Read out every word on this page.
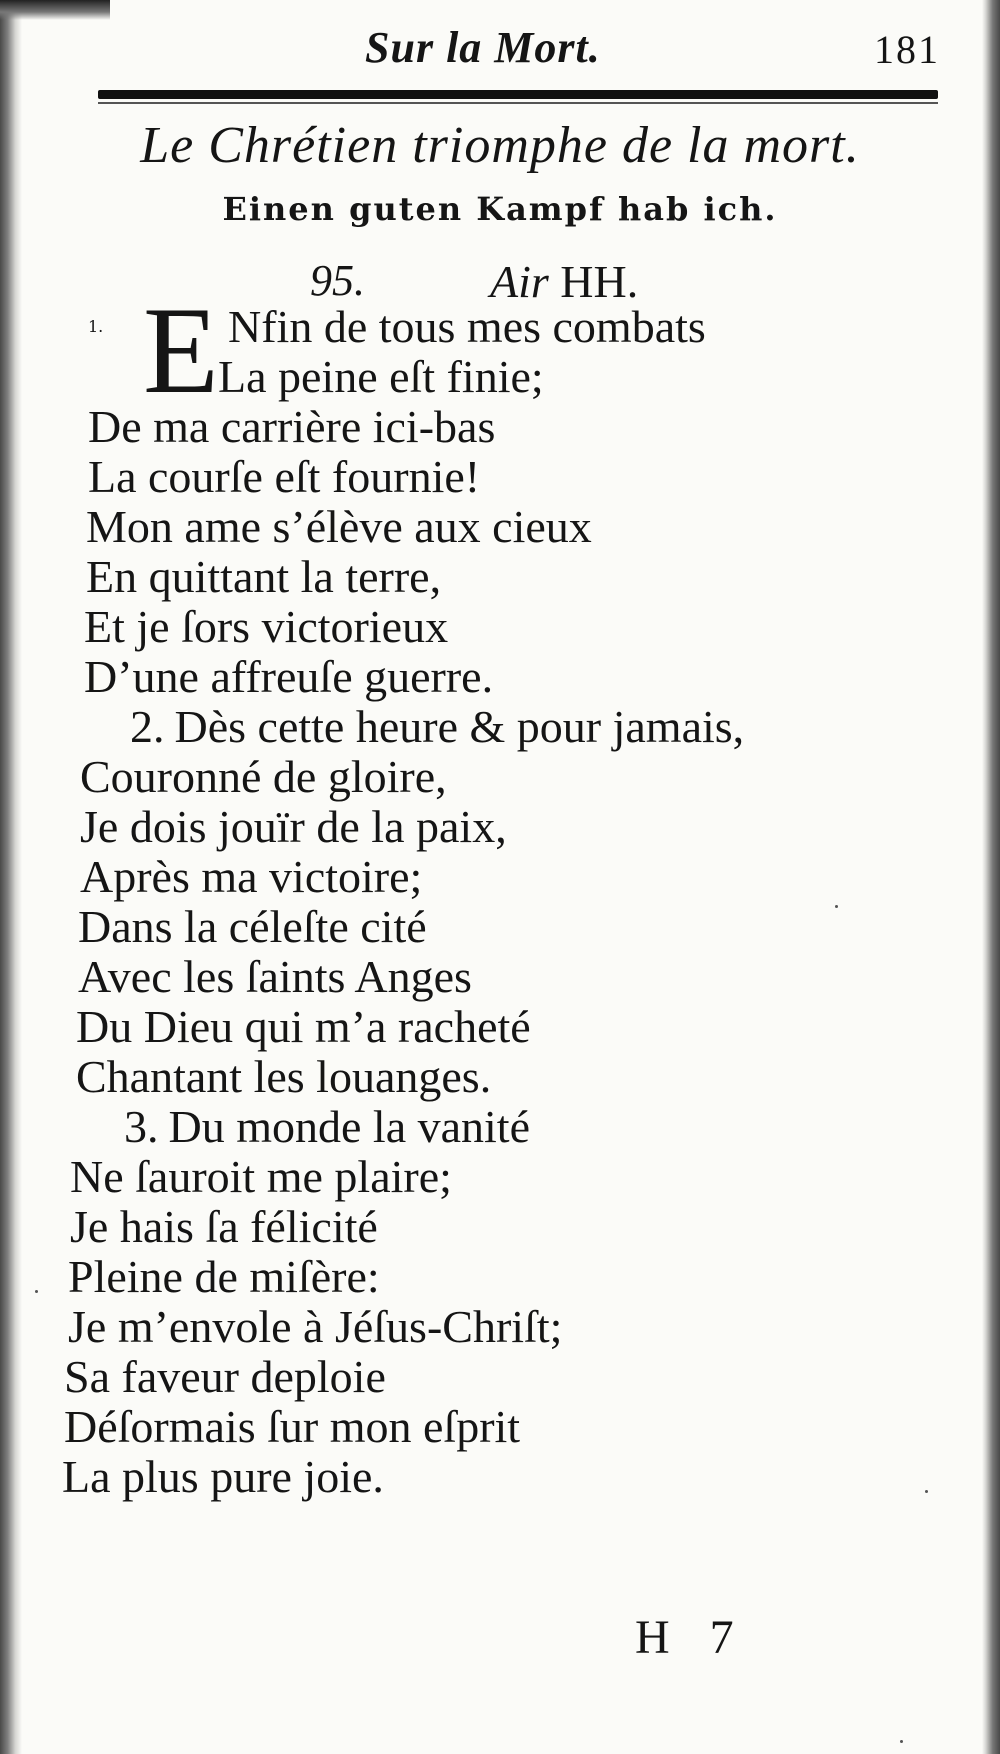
Sur la Mort.	181
Le Chrétien triomphe de la mort.
Einen guten Kampf hab ich.
95.	Air HH.
1. E Nfin de tous mes combats
La peine eſt finie;
De ma carrière ici-bas
La courſe eſt fournie!
Mon ame s’élève aux cieux
En quittant la terre,
Et je ſors victorieux
D’une affreuſe guerre.
2. Dès cette heure & pour jamais,
Couronné de gloire,
Je dois jouïr de la paix,
Après ma victoire;
Dans la céleſte cité
Avec les ſaints Anges
Du Dieu qui m’a racheté
Chantant les louanges.
3. Du monde la vanité
Ne ſauroit me plaire;
Je hais ſa félicité
Pleine de miſère:
Je m’envole à Jéſus-Chriſt;
Sa faveur deploie
Déſormais ſur mon eſprit
La plus pure joie.
H 7
